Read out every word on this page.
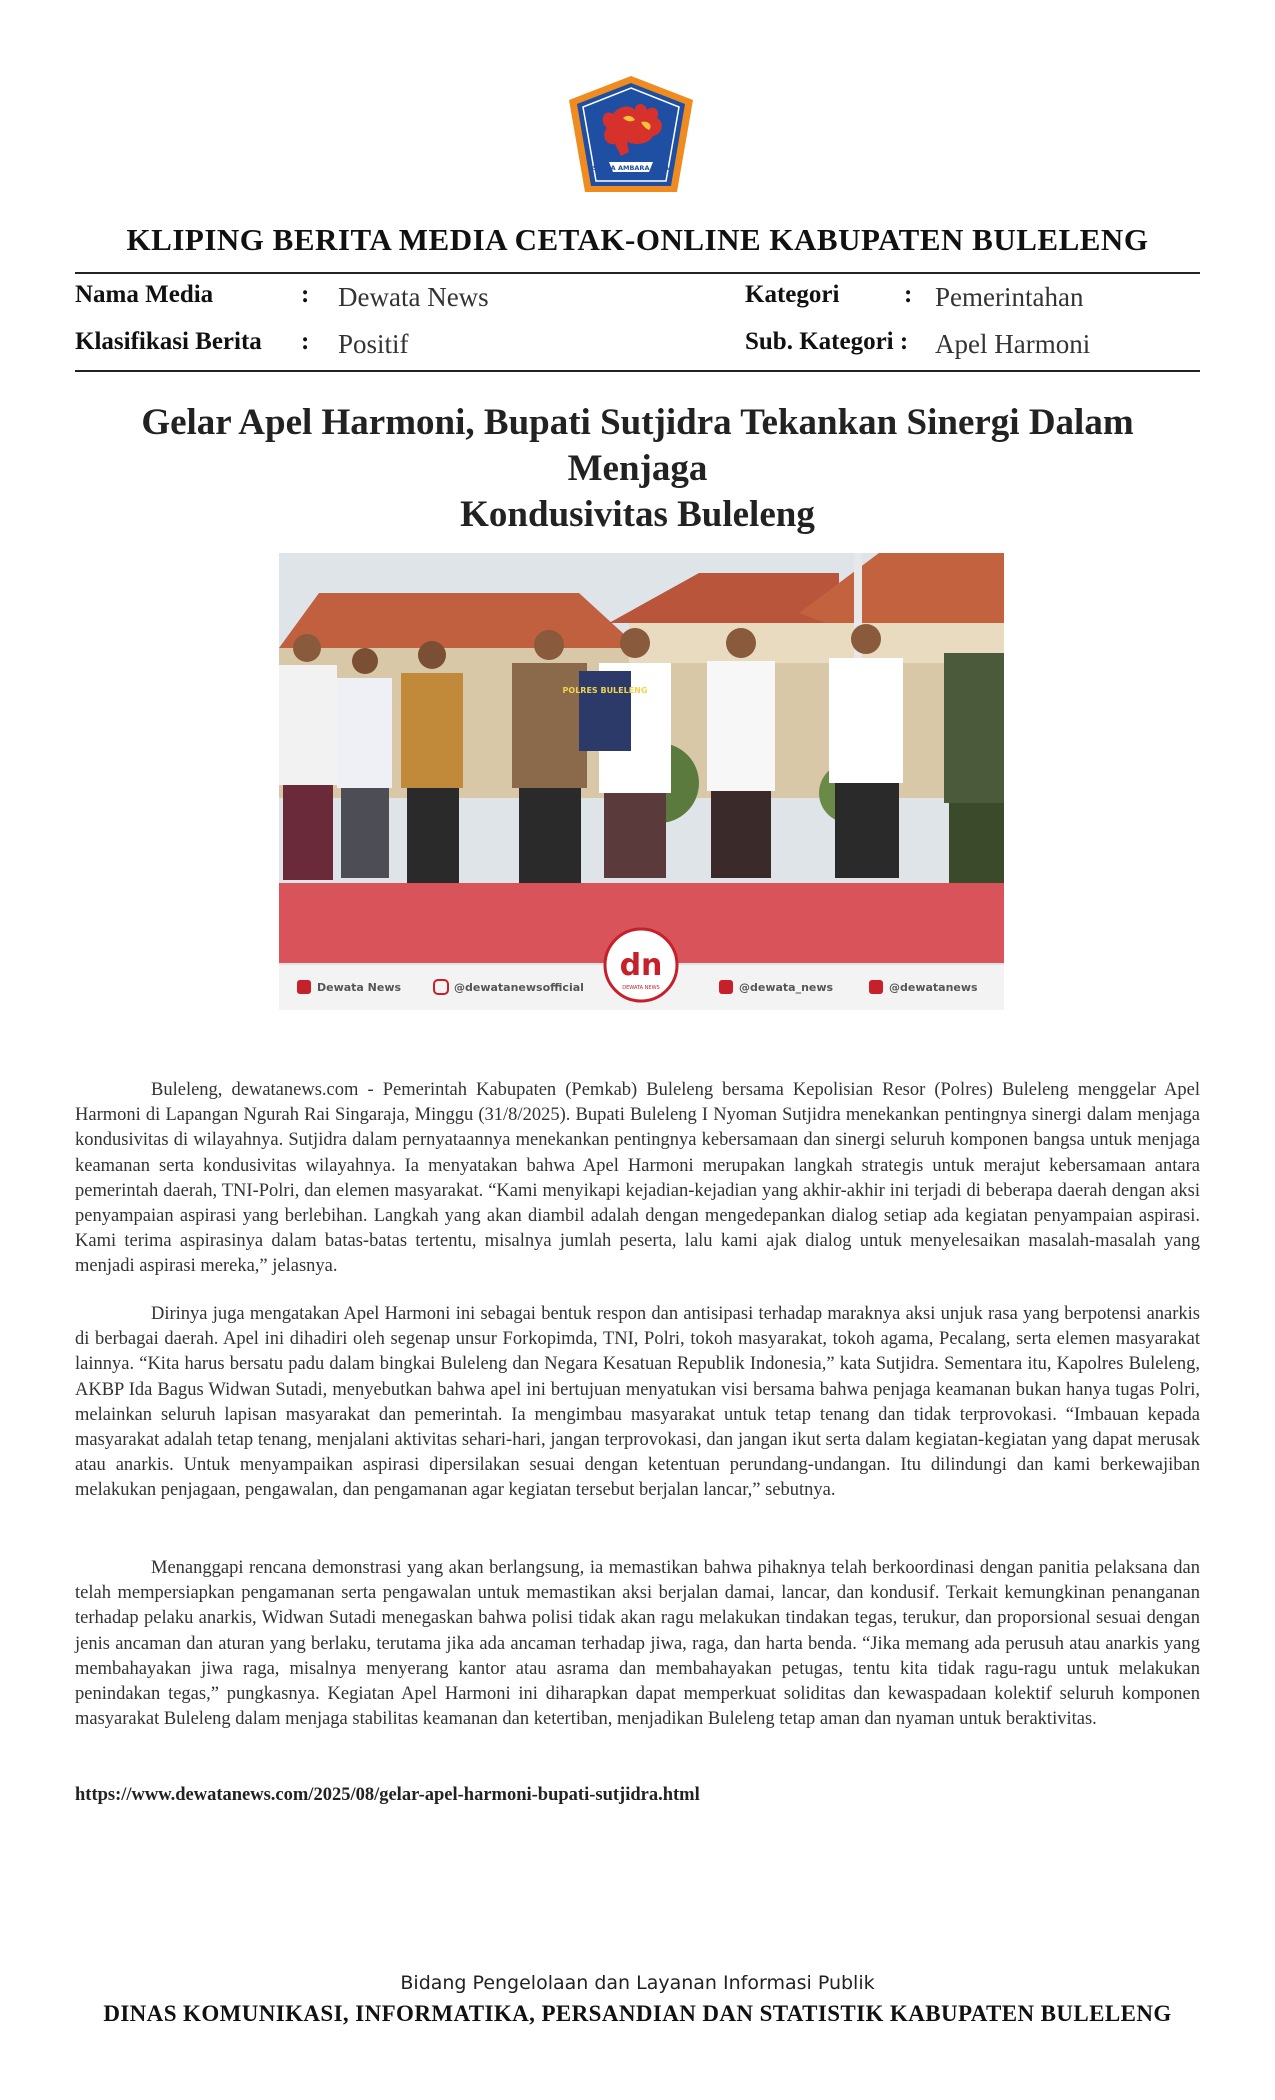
SINGA AMBARA RAJA
KLIPING BERITA MEDIA CETAK-ONLINE KABUPATEN BULELENG
Nama Media	: Dewata News
Klasifikasi Berita : Positif
Kategori	: Pemerintahan
Sub. Kategori : Apel Harmoni
Gelar Apel Harmoni, Bupati Sutjidra Tekankan Sinergi Dalam Menjaga
Kondusivitas Buleleng
POLRES BULELENG
dn
DEWATA NEWS
Dewata News	@dewatanewsofficial	@dewata_news	@dewatanews

Buleleng, dewatanews.com - Pemerintah Kabupaten (Pemkab) Buleleng bersama Kepolisian Resor (Polres) Buleleng menggelar Apel Harmoni di Lapangan Ngurah Rai Singaraja, Minggu (31/8/2025). Bupati Buleleng I Nyoman Sutjidra menekankan pentingnya sinergi dalam menjaga kondusivitas di wilayahnya. Sutjidra dalam pernyataannya menekankan pentingnya kebersamaan dan sinergi seluruh komponen bangsa untuk menjaga keamanan serta kondusivitas wilayahnya. Ia menyatakan bahwa Apel Harmoni merupakan langkah strategis untuk merajut kebersamaan antara pemerintah daerah, TNI-Polri, dan elemen masyarakat. “Kami menyikapi kejadian-kejadian yang akhir-akhir ini terjadi di beberapa daerah dengan aksi penyampaian aspirasi yang berlebihan. Langkah yang akan diambil adalah dengan mengedepankan dialog setiap ada kegiatan penyampaian aspirasi. Kami terima aspirasinya dalam batas-batas tertentu, misalnya jumlah peserta, lalu kami ajak dialog untuk menyelesaikan masalah-masalah yang menjadi aspirasi mereka,” jelasnya.

Dirinya juga mengatakan Apel Harmoni ini sebagai bentuk respon dan antisipasi terhadap maraknya aksi unjuk rasa yang berpotensi anarkis di berbagai daerah. Apel ini dihadiri oleh segenap unsur Forkopimda, TNI, Polri, tokoh masyarakat, tokoh agama, Pecalang, serta elemen masyarakat lainnya. “Kita harus bersatu padu dalam bingkai Buleleng dan Negara Kesatuan Republik Indonesia,” kata Sutjidra. Sementara itu, Kapolres Buleleng, AKBP Ida Bagus Widwan Sutadi, menyebutkan bahwa apel ini bertujuan menyatukan visi bersama bahwa penjaga keamanan bukan hanya tugas Polri, melainkan seluruh lapisan masyarakat dan pemerintah. Ia mengimbau masyarakat untuk tetap tenang dan tidak terprovokasi. “Imbauan kepada masyarakat adalah tetap tenang, menjalani aktivitas sehari-hari, jangan terprovokasi, dan jangan ikut serta dalam kegiatan-kegiatan yang dapat merusak atau anarkis. Untuk menyampaikan aspirasi dipersilakan sesuai dengan ketentuan perundang-undangan. Itu dilindungi dan kami berkewajiban melakukan penjagaan, pengawalan, dan pengamanan agar kegiatan tersebut berjalan lancar,” sebutnya.

Menanggapi rencana demonstrasi yang akan berlangsung, ia memastikan bahwa pihaknya telah berkoordinasi dengan panitia pelaksana dan telah mempersiapkan pengamanan serta pengawalan untuk memastikan aksi berjalan damai, lancar, dan kondusif. Terkait kemungkinan penanganan terhadap pelaku anarkis, Widwan Sutadi menegaskan bahwa polisi tidak akan ragu melakukan tindakan tegas, terukur, dan proporsional sesuai dengan jenis ancaman dan aturan yang berlaku, terutama jika ada ancaman terhadap jiwa, raga, dan harta benda. “Jika memang ada perusuh atau anarkis yang membahayakan jiwa raga, misalnya menyerang kantor atau asrama dan membahayakan petugas, tentu kita tidak ragu-ragu untuk melakukan penindakan tegas,” pungkasnya. Kegiatan Apel Harmoni ini diharapkan dapat memperkuat soliditas dan kewaspadaan kolektif seluruh komponen masyarakat Buleleng dalam menjaga stabilitas keamanan dan ketertiban, menjadikan Buleleng tetap aman dan nyaman untuk beraktivitas.

https://www.dewatanews.com/2025/08/gelar-apel-harmoni-bupati-sutjidra.html
Bidang Pengelolaan dan Layanan Informasi Publik
DINAS KOMUNIKASI, INFORMATIKA, PERSANDIAN DAN STATISTIK KABUPATEN BULELENG
